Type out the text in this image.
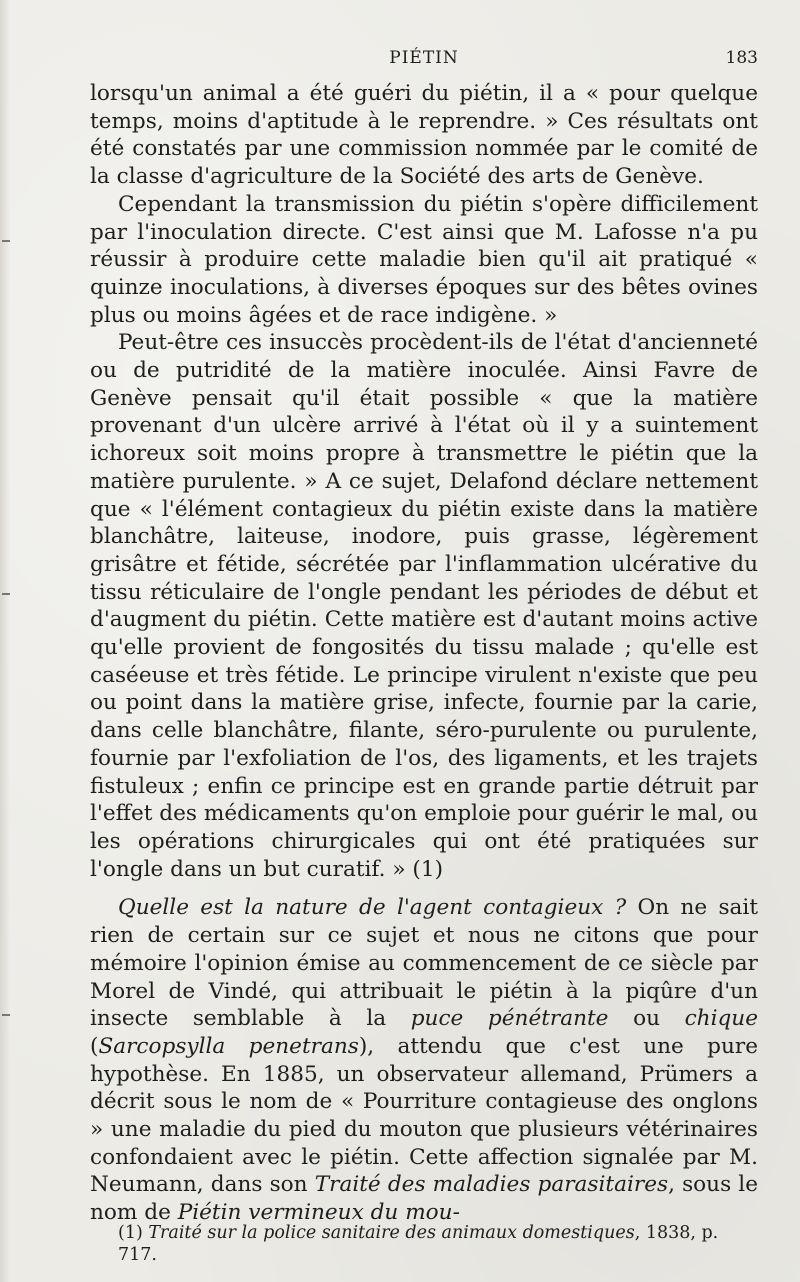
PIÉTIN	183

lorsqu'un animal a été guéri du piétin, il a « pour quelque temps, moins d'aptitude à le reprendre. » Ces résultats ont été constatés par une commission nommée par le comité de la classe d'agriculture de la Société des arts de Genève.

Cependant la transmission du piétin s'opère difficilement par l'inoculation directe. C'est ainsi que M. Lafosse n'a pu réussir à produire cette maladie bien qu'il ait pratiqué « quinze inoculations, à diverses époques sur des bêtes ovines plus ou moins âgées et de race indigène. »

Peut-être ces insuccès procèdent-ils de l'état d'ancienneté ou de putridité de la matière inoculée. Ainsi Favre de Genève pensait qu'il était possible « que la matière provenant d'un ulcère arrivé à l'état où il y a suintement ichoreux soit moins propre à transmettre le piétin que la matière purulente. » A ce sujet, Delafond déclare nettement que « l'élément contagieux du piétin existe dans la matière blanchâtre, laiteuse, inodore, puis grasse, légèrement grisâtre et fétide, sécrétée par l'inflammation ulcérative du tissu réticulaire de l'ongle pendant les périodes de début et d'augment du piétin. Cette matière est d'autant moins active qu'elle provient de fongosités du tissu malade ; qu'elle est caséeuse et très fétide. Le principe virulent n'existe que peu ou point dans la matière grise, infecte, fournie par la carie, dans celle blanchâtre, filante, séro-purulente ou purulente, fournie par l'exfoliation de l'os, des ligaments, et les trajets fistuleux ; enfin ce principe est en grande partie détruit par l'effet des médicaments qu'on emploie pour guérir le mal, ou les opérations chirurgicales qui ont été pratiquées sur l'ongle dans un but curatif. » (1)

Quelle est la nature de l'agent contagieux ? On ne sait rien de certain sur ce sujet et nous ne citons que pour mémoire l'opinion émise au commencement de ce siècle par Morel de Vindé, qui attribuait le piétin à la piqûre d'un insecte semblable à la puce pénétrante ou chique (Sarcopsylla penetrans), attendu que c'est une pure hypothèse. En 1885, un observateur allemand, Prümers a décrit sous le nom de « Pourriture contagieuse des onglons » une maladie du pied du mouton que plusieurs vétérinaires confondaient avec le piétin. Cette affection signalée par M. Neumann, dans son Traité des maladies parasitaires, sous le nom de Piétin vermineux du mou-

(1) Traité sur la police sanitaire des animaux domestiques, 1838, p. 717.
